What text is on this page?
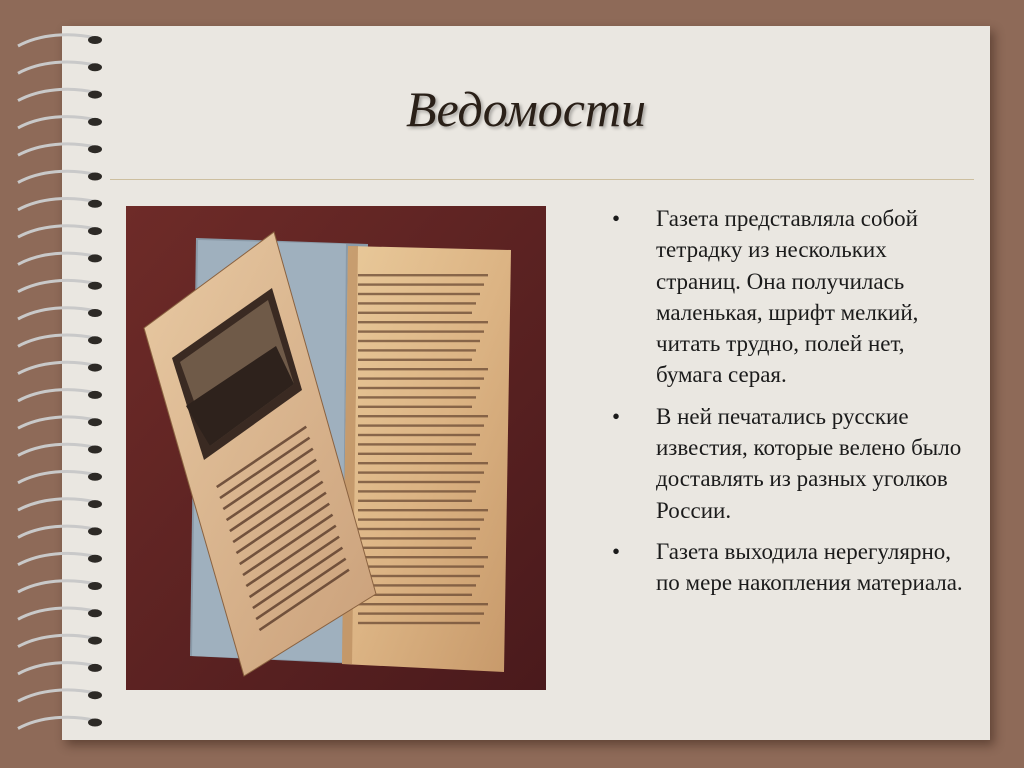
Ведомости
• Газета представляла собой тетрадку из нескольких страниц. Она получилась маленькая, шрифт мелкий, читать трудно, полей нет, бумага серая.
• В ней печатались русские известия, которые велено было доставлять из разных уголков России.
• Газета выходила нерегулярно, по мере накопления материала.
